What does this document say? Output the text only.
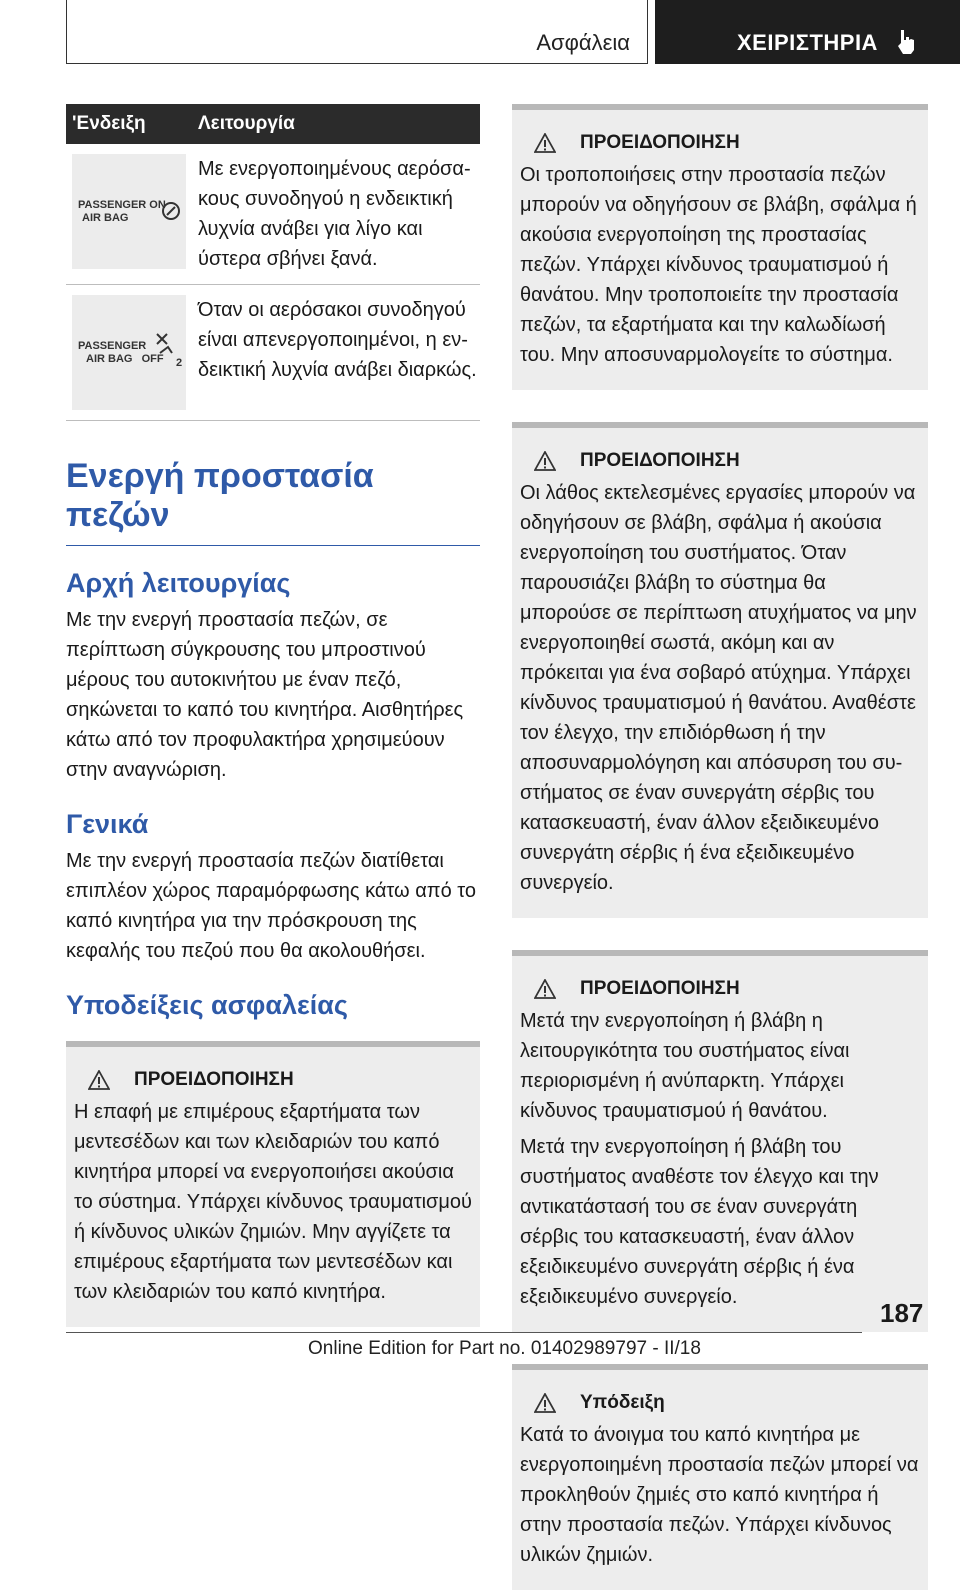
Ασφάλεια	ΧΕΙΡΙΣΤΗΡΙΑ
'Ενδειξη	Λειτουργία
PASSENGER ON
AIR BAG
Με ενεργοποιημένους αερόσακους συνοδηγού η ενδεικτική λυχνία ανάβει για λίγο και ύστερα σβήνει ξανά.
PASSENGER
AIR BAG   OFF 2
Όταν οι αερόσακοι συνοδηγού είναι απενεργοποιημένοι, η ενδεικτική λυχνία ανάβει διαρκώς.
Ενεργή προστασία πεζών
Αρχή λειτουργίας

Με την ενεργή προστασία πεζών, σε περίπτωση σύγκρουσης του μπροστινού μέρους του αυτοκινήτου με έναν πεζό, σηκώνεται το καπό του κινητήρα. Αισθητήρες κάτω από τον προφυλακτήρα χρησιμεύουν στην αναγνώριση.

Γενικά

Με την ενεργή προστασία πεζών διατίθεται επιπλέον χώρος παραμόρφωσης κάτω από το καπό κινητήρα για την πρόσκρουση της κεφαλής του πεζού που θα ακολουθήσει.

Υποδείξεις ασφαλείας
ΠΡΟΕΙΔΟΠΟΙΗΣΗ

Η επαφή με επιμέρους εξαρτήματα των μεντεσέδων και των κλειδαριών του καπό κινητήρα μπορεί να ενεργοποιήσει ακούσια το σύστημα. Υπάρχει κίνδυνος τραυματισμού ή κίνδυνος υλικών ζημιών. Μην αγγίζετε τα επιμέρους εξαρτήματα των μεντεσέδων και των κλειδαριών του καπό κινητήρα.

ΠΡΟΕΙΔΟΠΟΙΗΣΗ

Οι τροποποιήσεις στην προστασία πεζών μπορούν να οδηγήσουν σε βλάβη, σφάλμα ή ακούσια ενεργοποίηση της προστασίας πεζών. Υπάρχει κίνδυνος τραυματισμού ή θανάτου. Μην τροποποιείτε την προστασία πεζών, τα εξαρτήματα και την καλωδίωσή του. Μην αποσυναρμολογείτε το σύστημα.

ΠΡΟΕΙΔΟΠΟΙΗΣΗ

Οι λάθος εκτελεσμένες εργασίες μπορούν να οδηγήσουν σε βλάβη, σφάλμα ή ακούσια ενεργοποίηση του συστήματος. Όταν παρουσιάζει βλάβη το σύστημα θα μπορούσε σε περίπτωση ατυχήματος να μην ενεργοποιηθεί σωστά, ακόμη και αν πρόκειται για ένα σοβαρό ατύχημα. Υπάρχει κίνδυνος τραυματισμού ή θανάτου. Αναθέστε τον έλεγχο, την επιδιόρθωση ή την αποσυναρμολόγηση και απόσυρση του συστήματος σε έναν συνεργάτη σέρβις του κατασκευαστή, έναν άλλον εξειδικευμένο συνεργάτη σέρβις ή ένα εξειδικευμένο συνεργείο.

ΠΡΟΕΙΔΟΠΟΙΗΣΗ

Μετά την ενεργοποίηση ή βλάβη η λειτουργικότητα του συστήματος είναι περιορισμένη ή ανύπαρκτη. Υπάρχει κίνδυνος τραυματισμού ή θανάτου.

Μετά την ενεργοποίηση ή βλάβη του συστήματος αναθέστε τον έλεγχο και την αντικατάστασή του σε έναν συνεργάτη σέρβις του κατασκευαστή, έναν άλλον εξειδικευμένο συνεργάτη σέρβις ή ένα εξειδικευμένο συνεργείο.

Υπόδειξη

Κατά το άνοιγμα του καπό κινητήρα με ενεργοποιημένη προστασία πεζών μπορεί να προκληθούν ζημιές στο καπό κινητήρα ή στην προστασία πεζών. Υπάρχει κίνδυνος υλικών ζημιών.

187
Online Edition for Part no. 01402989797 - II/18
